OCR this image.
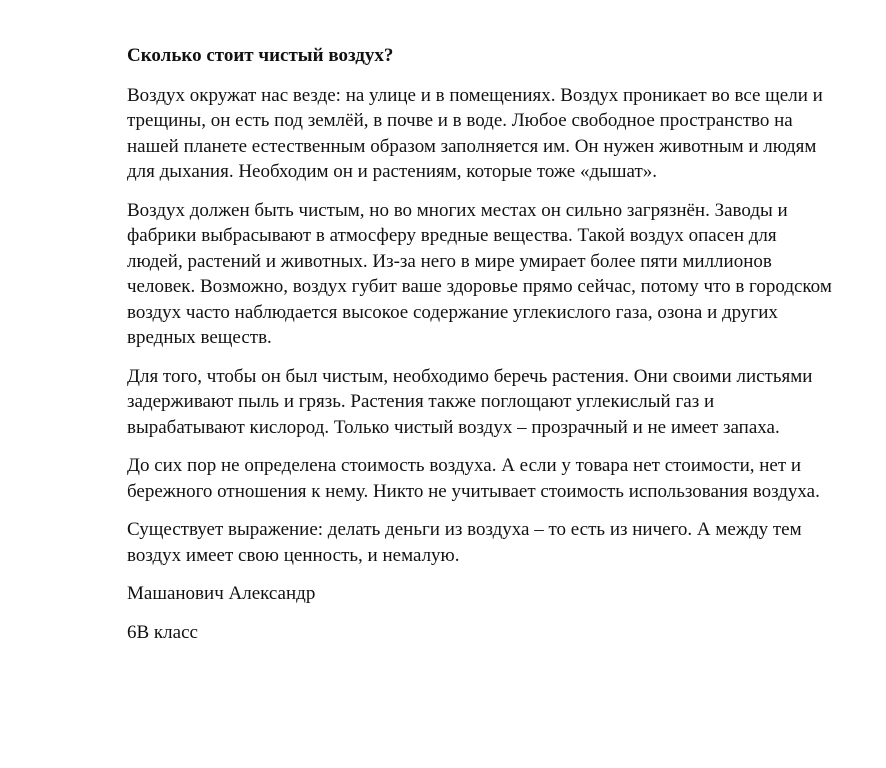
Сколько стоит чистый воздух?

Воздух окружат нас везде: на улице и в помещениях. Воздух проникает во все щели и трещины, он есть под землёй, в почве и в воде. Любое свободное пространство на нашей планете естественным образом заполняется им. Он нужен животным и людям для дыхания. Необходим он и растениям, которые тоже «дышат».

Воздух должен быть чистым, но во многих местах он сильно загрязнён. Заводы и фабрики выбрасывают в атмосферу вредные вещества. Такой воздух опасен для людей, растений и животных. Из-за него в мире умирает более пяти миллионов человек. Возможно, воздух губит ваше здоровье прямо сейчас, потому что в городском воздух часто наблюдается высокое содержание углекислого газа, озона и других вредных веществ.

Для того, чтобы он был чистым, необходимо беречь растения. Они своими листьями задерживают пыль и грязь. Растения также поглощают углекислый газ и вырабатывают кислород. Только чистый воздух – прозрачный и не имеет запаха.

До сих пор не определена стоимость воздуха. А если у товара нет стоимости, нет и бережного отношения к нему. Никто не учитывает стоимость использования воздуха.

Существует выражение: делать деньги из воздуха – то есть из ничего. А между тем воздух имеет свою ценность, и немалую.

Машанович Александр
6В класс
